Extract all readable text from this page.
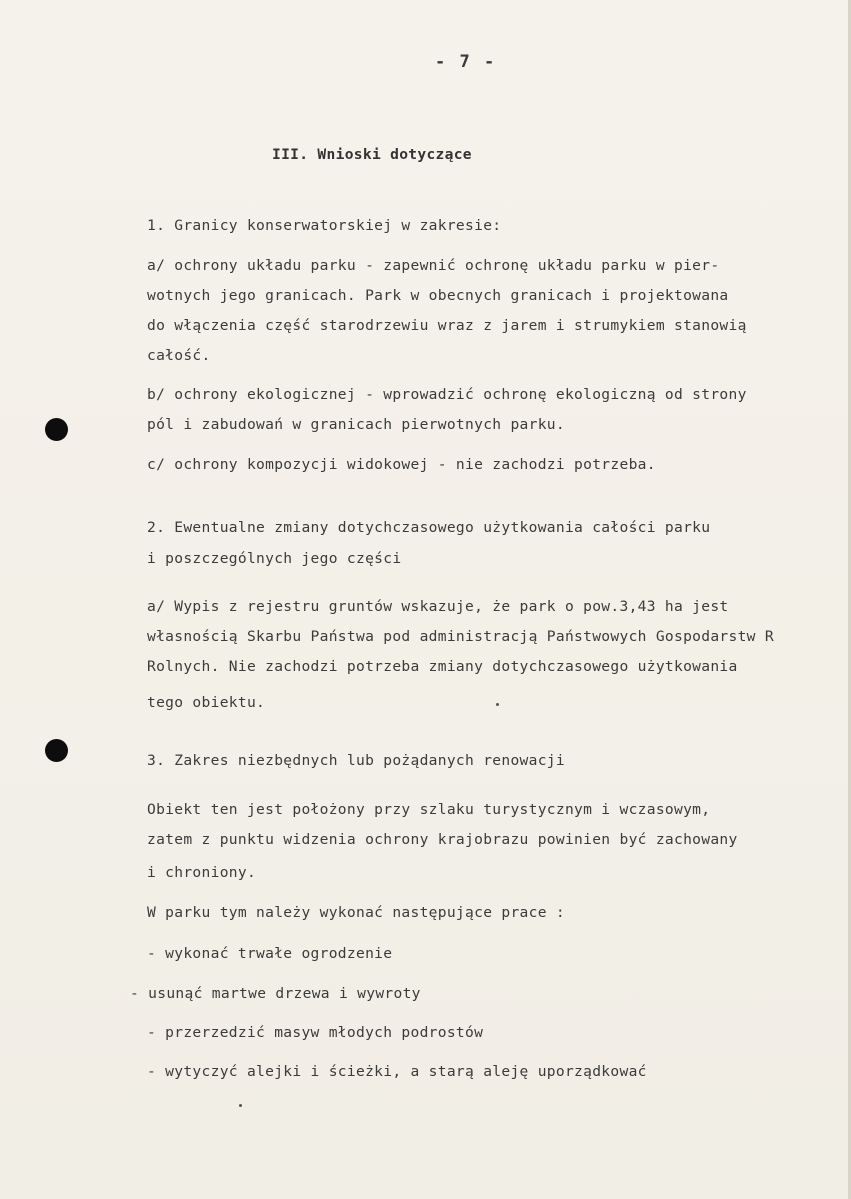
- 7 -
III. Wnioski dotyczące
1. Granicy konserwatorskiej w zakresie:
a/ ochrony układu parku - zapewnić ochronę układu parku w pier-
wotnych jego granicach. Park w obecnych granicach i projektowana
do włączenia część starodrzewiu wraz z jarem i strumykiem stanowią
całość.
b/ ochrony ekologicznej - wprowadzić ochronę ekologiczną od strony
pól i zabudowań w granicach pierwotnych parku.
c/ ochrony kompozycji widokowej - nie zachodzi potrzeba.
2. Ewentualne zmiany dotychczasowego użytkowania całości parku
i poszczególnych jego części
a/ Wypis z rejestru gruntów wskazuje, że park o pow.3,43 ha jest
własnością Skarbu Państwa pod administracją Państwowych Gospodarstw R
Rolnych. Nie zachodzi potrzeba zmiany dotychczasowego użytkowania
tego obiektu.
3. Zakres niezbędnych lub pożądanych renowacji
Obiekt ten jest położony przy szlaku turystycznym i wczasowym,
zatem z punktu widzenia ochrony krajobrazu powinien być zachowany
i chroniony.
W parku tym należy wykonać następujące prace :
- wykonać trwałe ogrodzenie
- usunąć martwe drzewa i wywroty
- przerzedzić masyw młodych podrostów
- wytyczyć alejki i ścieżki, a starą aleję uporządkować
